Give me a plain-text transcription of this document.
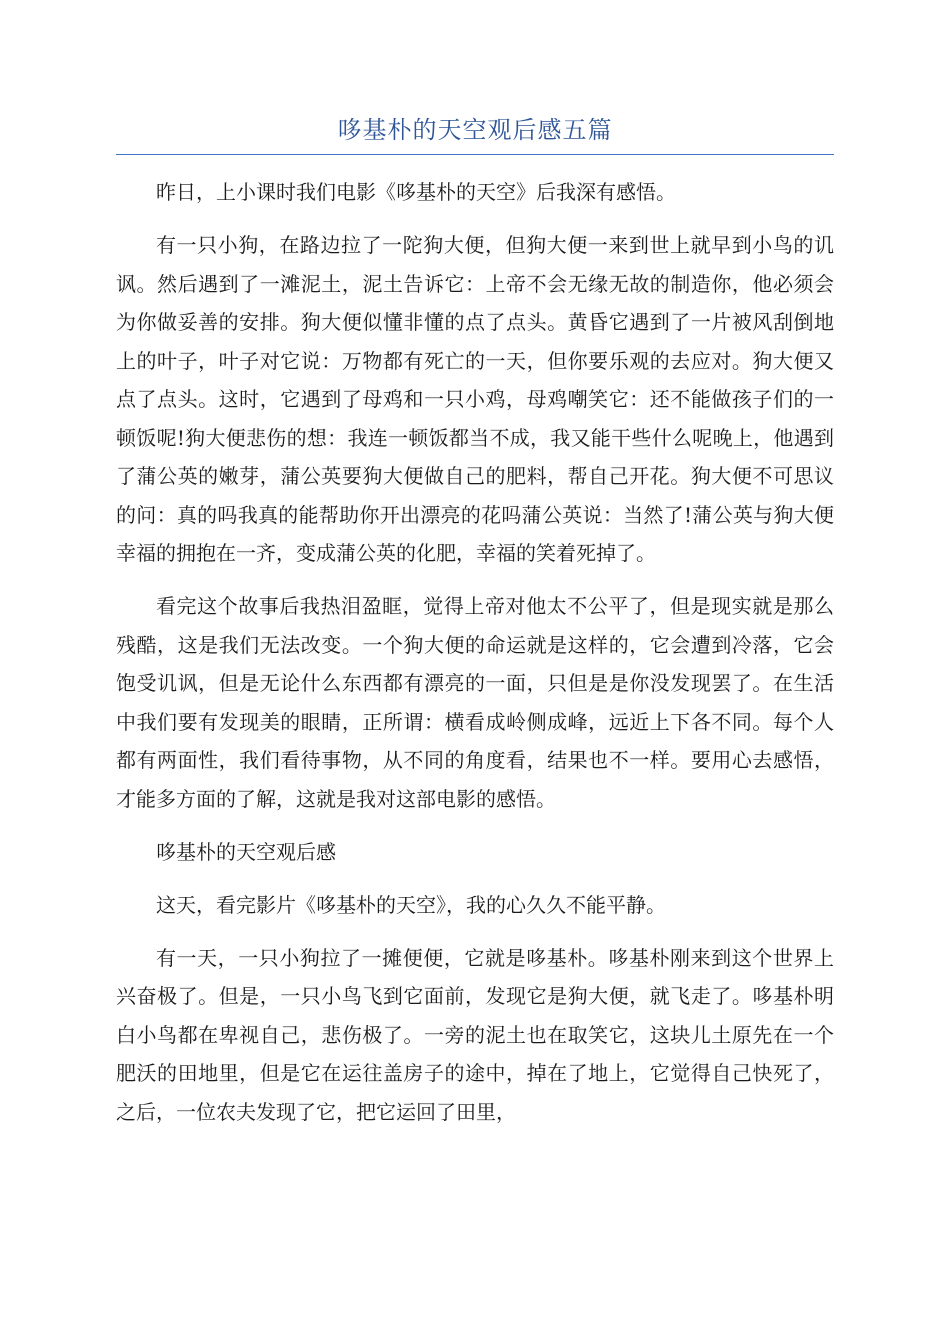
哆基朴的天空观后感五篇

昨日，上小课时我们电影《哆基朴的天空》后我深有感悟。

有一只小狗，在路边拉了一陀狗大便，但狗大便一来到世上就早到小鸟的讥讽。然后遇到了一滩泥土，泥土告诉它：上帝不会无缘无故的制造你，他必须会为你做妥善的安排。狗大便似懂非懂的点了点头。黄昏它遇到了一片被风刮倒地上的叶子，叶子对它说：万物都有死亡的一天，但你要乐观的去应对。狗大便又点了点头。这时，它遇到了母鸡和一只小鸡，母鸡嘲笑它：还不能做孩子们的一顿饭呢!狗大便悲伤的想：我连一顿饭都当不成，我又能干些什么呢晚上，他遇到了蒲公英的嫩芽，蒲公英要狗大便做自己的肥料，帮自己开花。狗大便不可思议的问：真的吗我真的能帮助你开出漂亮的花吗蒲公英说：当然了!蒲公英与狗大便幸福的拥抱在一齐，变成蒲公英的化肥，幸福的笑着死掉了。

看完这个故事后我热泪盈眶，觉得上帝对他太不公平了，但是现实就是那么残酷，这是我们无法改变。一个狗大便的命运就是这样的，它会遭到冷落，它会饱受讥讽，但是无论什么东西都有漂亮的一面，只但是是你没发现罢了。在生活中我们要有发现美的眼睛，正所谓：横看成岭侧成峰，远近上下各不同。每个人都有两面性，我们看待事物，从不同的角度看，结果也不一样。要用心去感悟，才能多方面的了解，这就是我对这部电影的感悟。

哆基朴的天空观后感

这天，看完影片《哆基朴的天空》，我的心久久不能平静。

有一天，一只小狗拉了一摊便便，它就是哆基朴。哆基朴刚来到这个世界上兴奋极了。但是，一只小鸟飞到它面前，发现它是狗大便，就飞走了。哆基朴明白小鸟都在卑视自己，悲伤极了。一旁的泥土也在取笑它，这块儿土原先在一个肥沃的田地里，但是它在运往盖房子的途中，掉在了地上，它觉得自己快死了，之后，一位农夫发现了它，把它运回了田里，
